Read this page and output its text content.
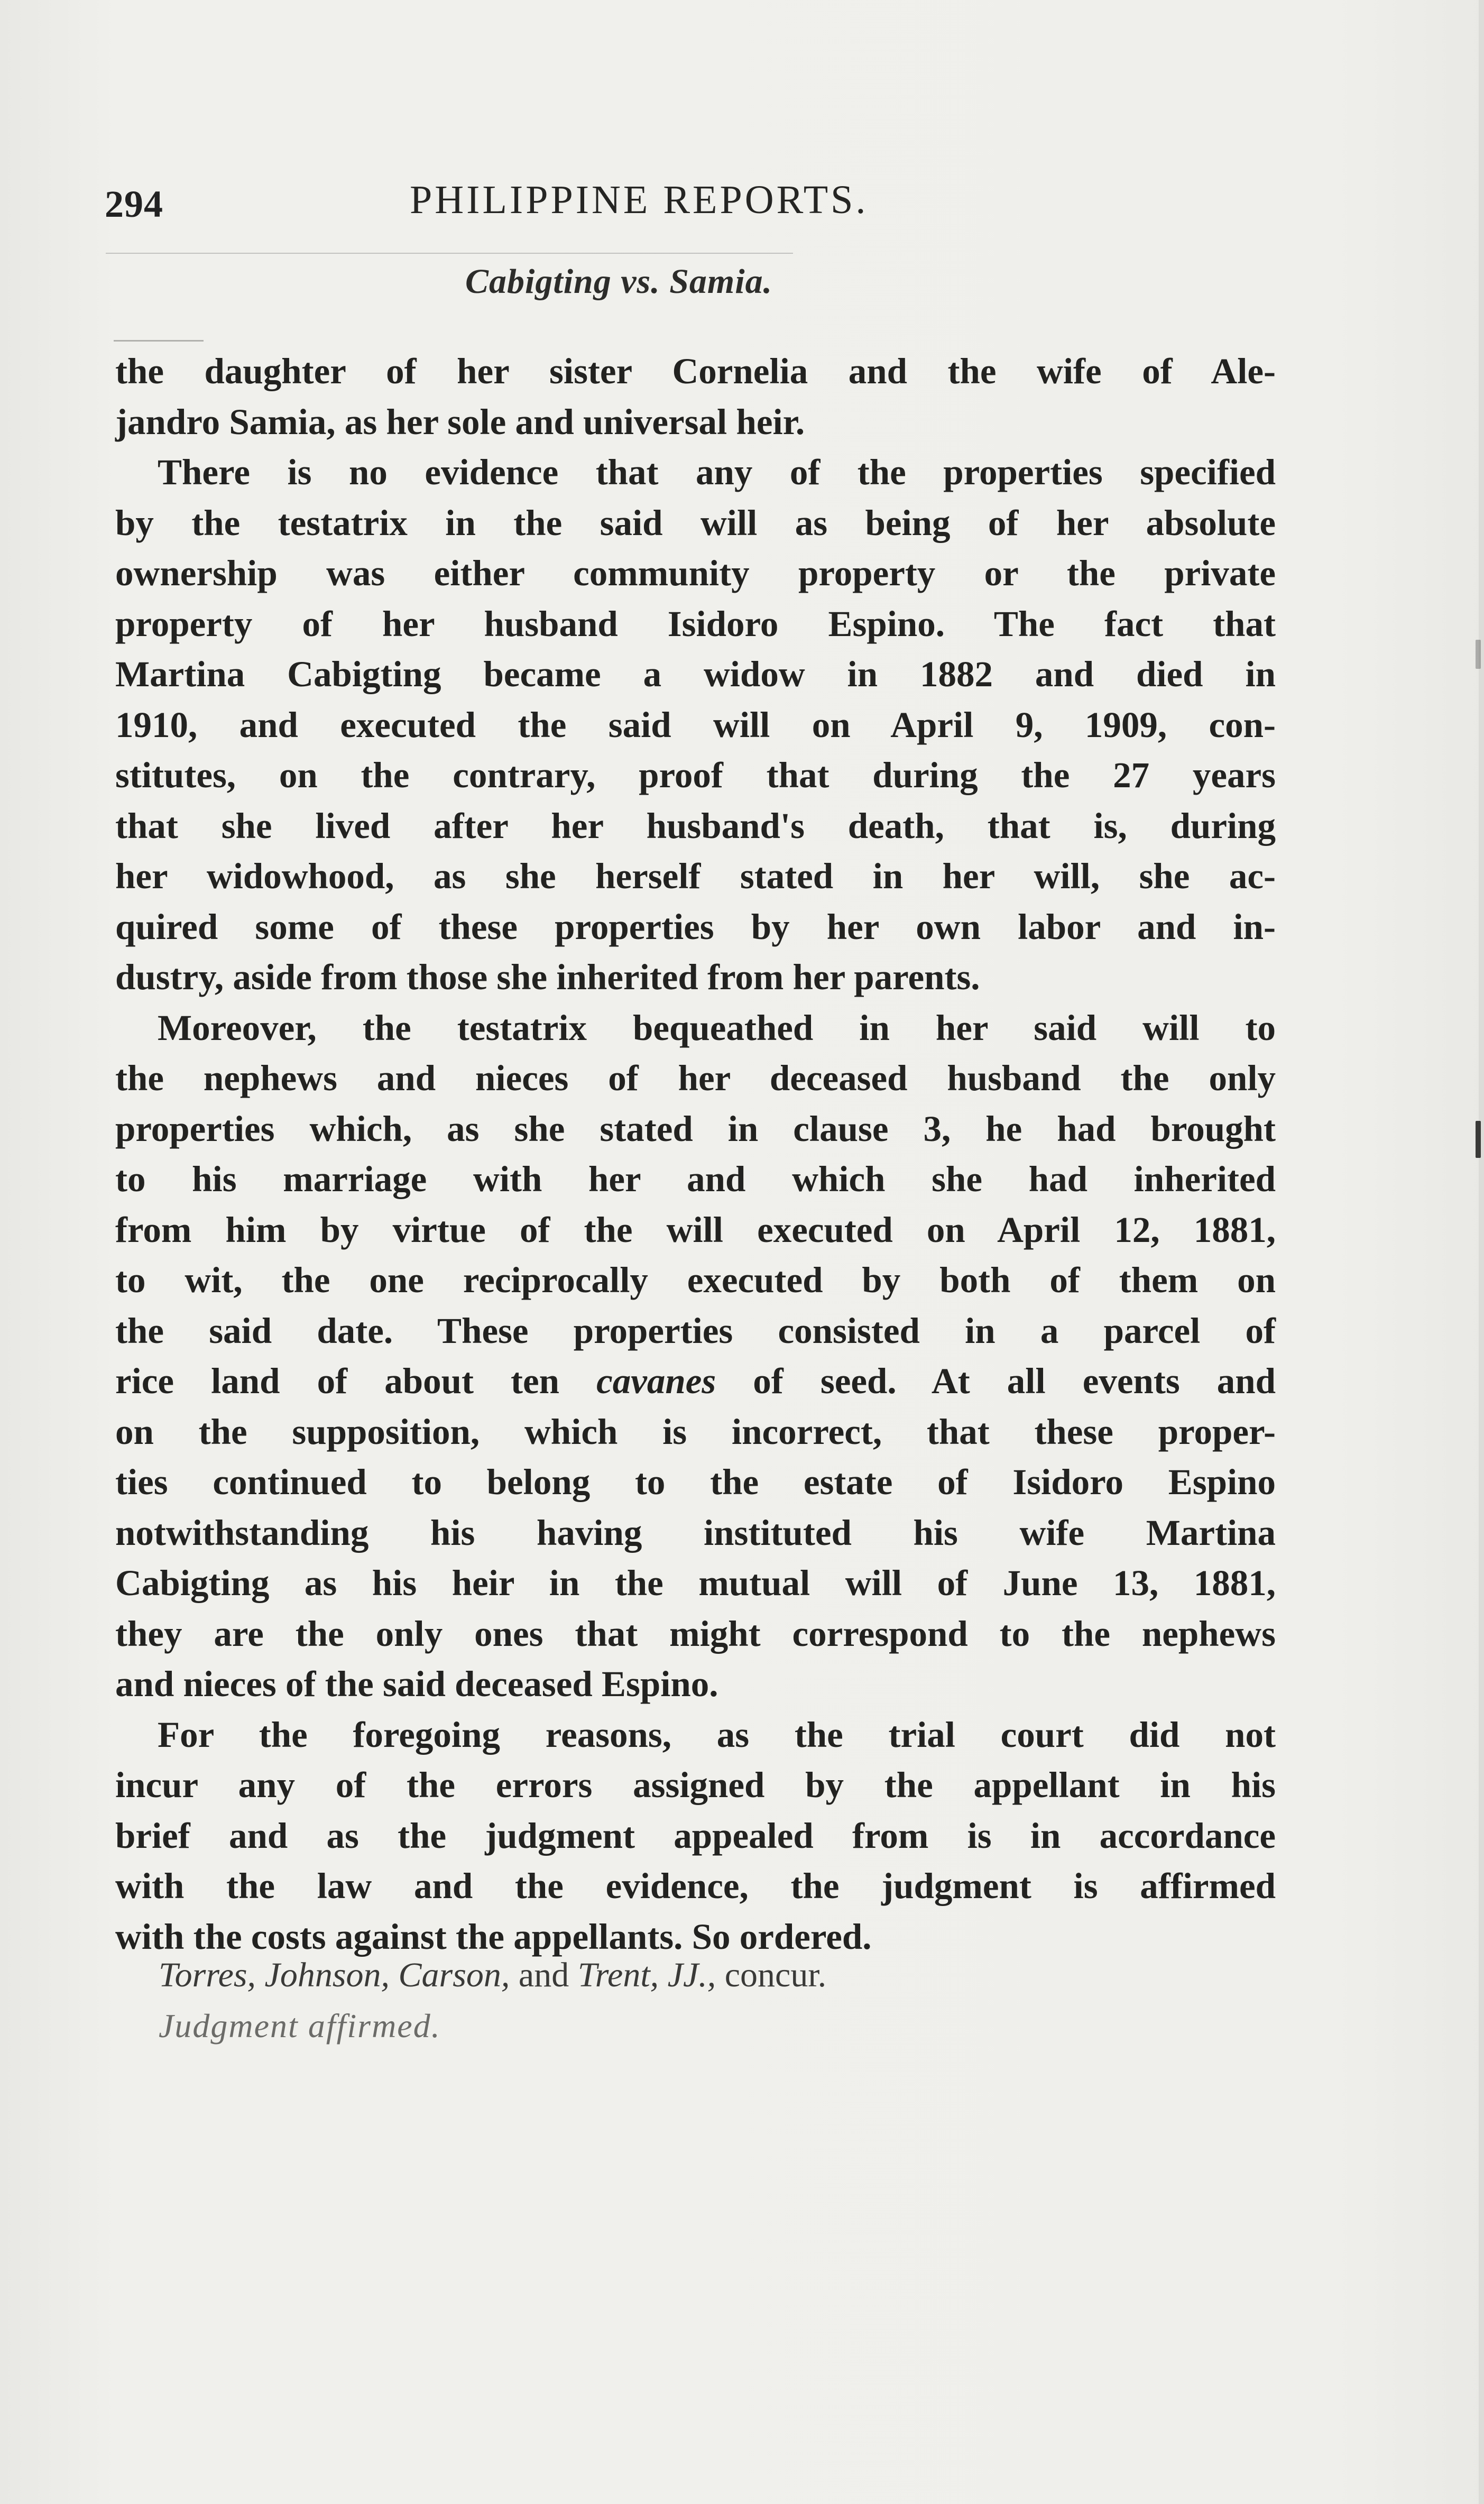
294	PHILIPPINE REPORTS.
Cabigting vs. Samia.

the daughter of her sister Cornelia and the wife of Ale-
jandro Samia, as her sole and universal heir.

There is no evidence that any of the properties specified
by the testatrix in the said will as being of her absolute
ownership was either community property or the private
property of her husband Isidoro Espino. The fact that
Martina Cabigting became a widow in 1882 and died in
1910, and executed the said will on April 9, 1909, con-
stitutes, on the contrary, proof that during the 27 years
that she lived after her husband's death, that is, during
her widowhood, as she herself stated in her will, she ac-
quired some of these properties by her own labor and in-
dustry, aside from those she inherited from her parents.

Moreover, the testatrix bequeathed in her said will to
the nephews and nieces of her deceased husband the only
properties which, as she stated in clause 3, he had brought
to his marriage with her and which she had inherited
from him by virtue of the will executed on April 12, 1881,
to wit, the one reciprocally executed by both of them on
the said date. These properties consisted in a parcel of
rice land of about ten cavanes of seed. At all events and
on the supposition, which is incorrect, that these proper-
ties continued to belong to the estate of Isidoro Espino
notwithstanding his having instituted his wife Martina
Cabigting as his heir in the mutual will of June 13, 1881,
they are the only ones that might correspond to the nephews
and nieces of the said deceased Espino.

For the foregoing reasons, as the trial court did not
incur any of the errors assigned by the appellant in his
brief and as the judgment appealed from is in accordance
with the law and the evidence, the judgment is affirmed
with the costs against the appellants. So ordered.

Torres, Johnson, Carson, and Trent, JJ., concur.
Judgment affirmed.
